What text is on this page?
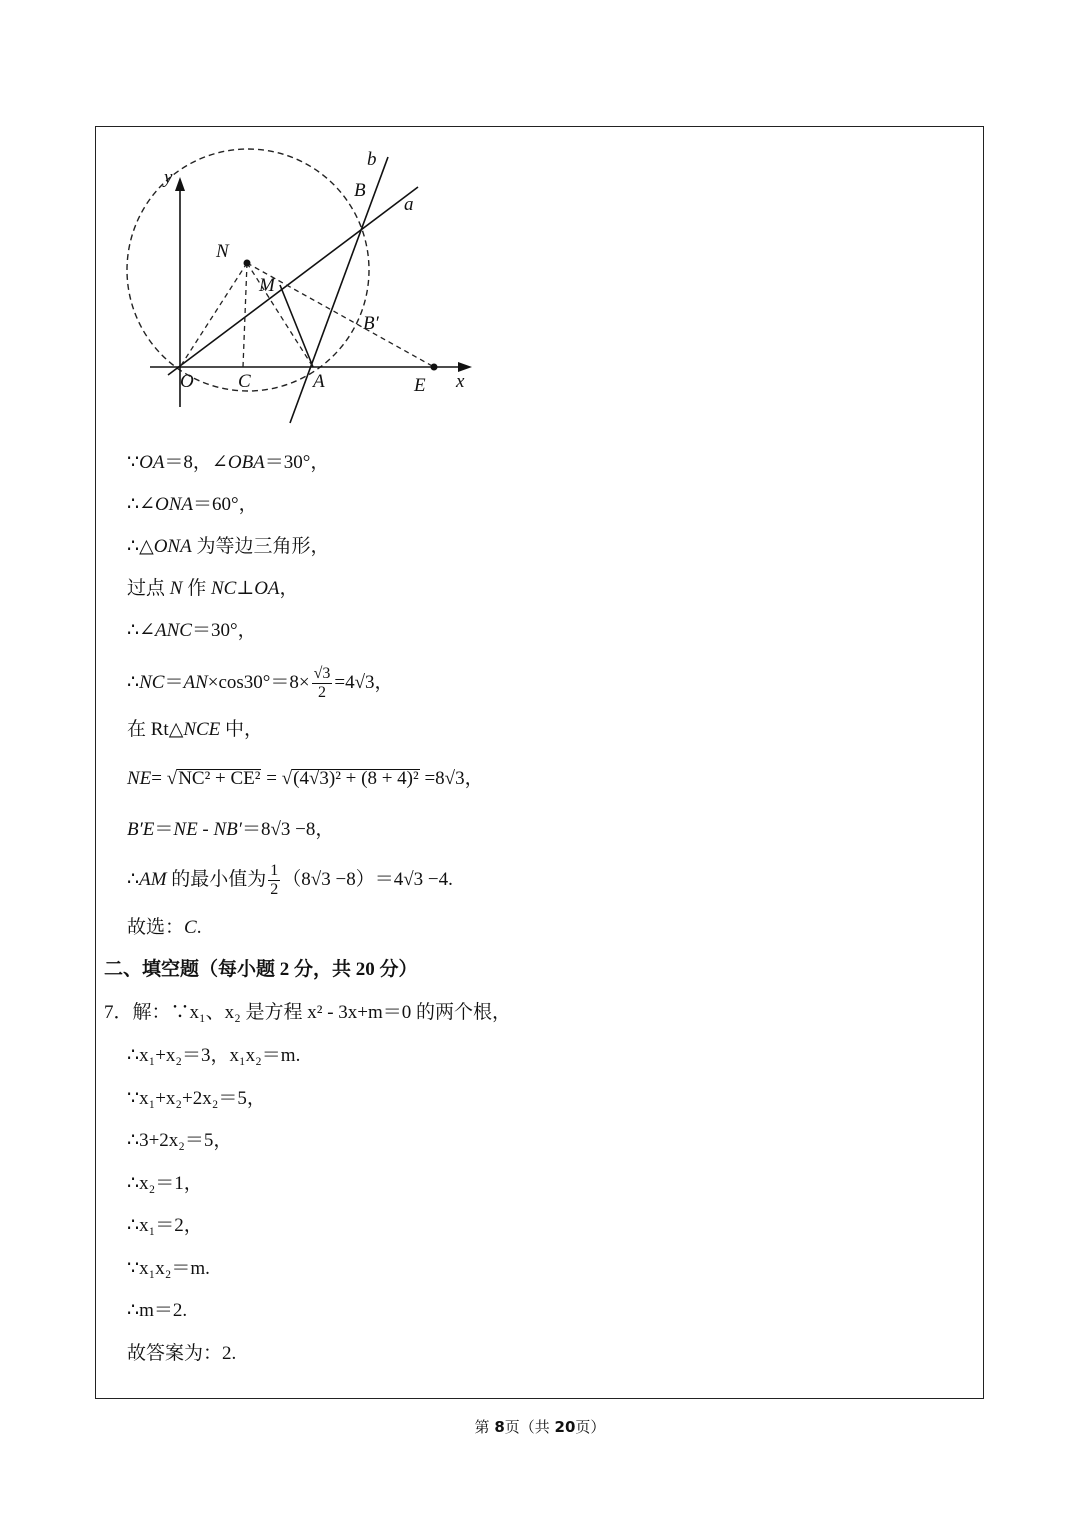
y
x
b
a
B
N
M
B′
O C	A	E
∵OA＝8，∠OBA＝30°，
∴∠ONA＝60°，
∴△ONA 为等边三角形，
过点 N 作 NC⊥OA，
∴∠ANC＝30°，
∴NC＝AN×cos30°＝8× $\frac{√3}{2} =4√3$，
在 Rt△NCE 中，
NE= √NC² + CE² = √(4√3)² + (8 + 4)² =8√3，
B′E＝NE - NB′＝8√3 −8，
∴AM 的最小值为 $\frac{1}{2} (8√3 -8)=4√3 -4$.
故选：C.
二、填空题（每小题 2 分，共 20 分）
7．解：∵x₁、x₂ 是方程 x² - 3x+m＝0 的两个根，
∴x₁+x₂＝3，x₁x₂＝m.
∵x₁+x₂+2x₂＝5，
∴3+2x₂＝5，
∴x₂＝1，
∴x₁＝2，
∵x₁x₂＝m.
∴m＝2.
故答案为：2.
第 8页（共 20页）
